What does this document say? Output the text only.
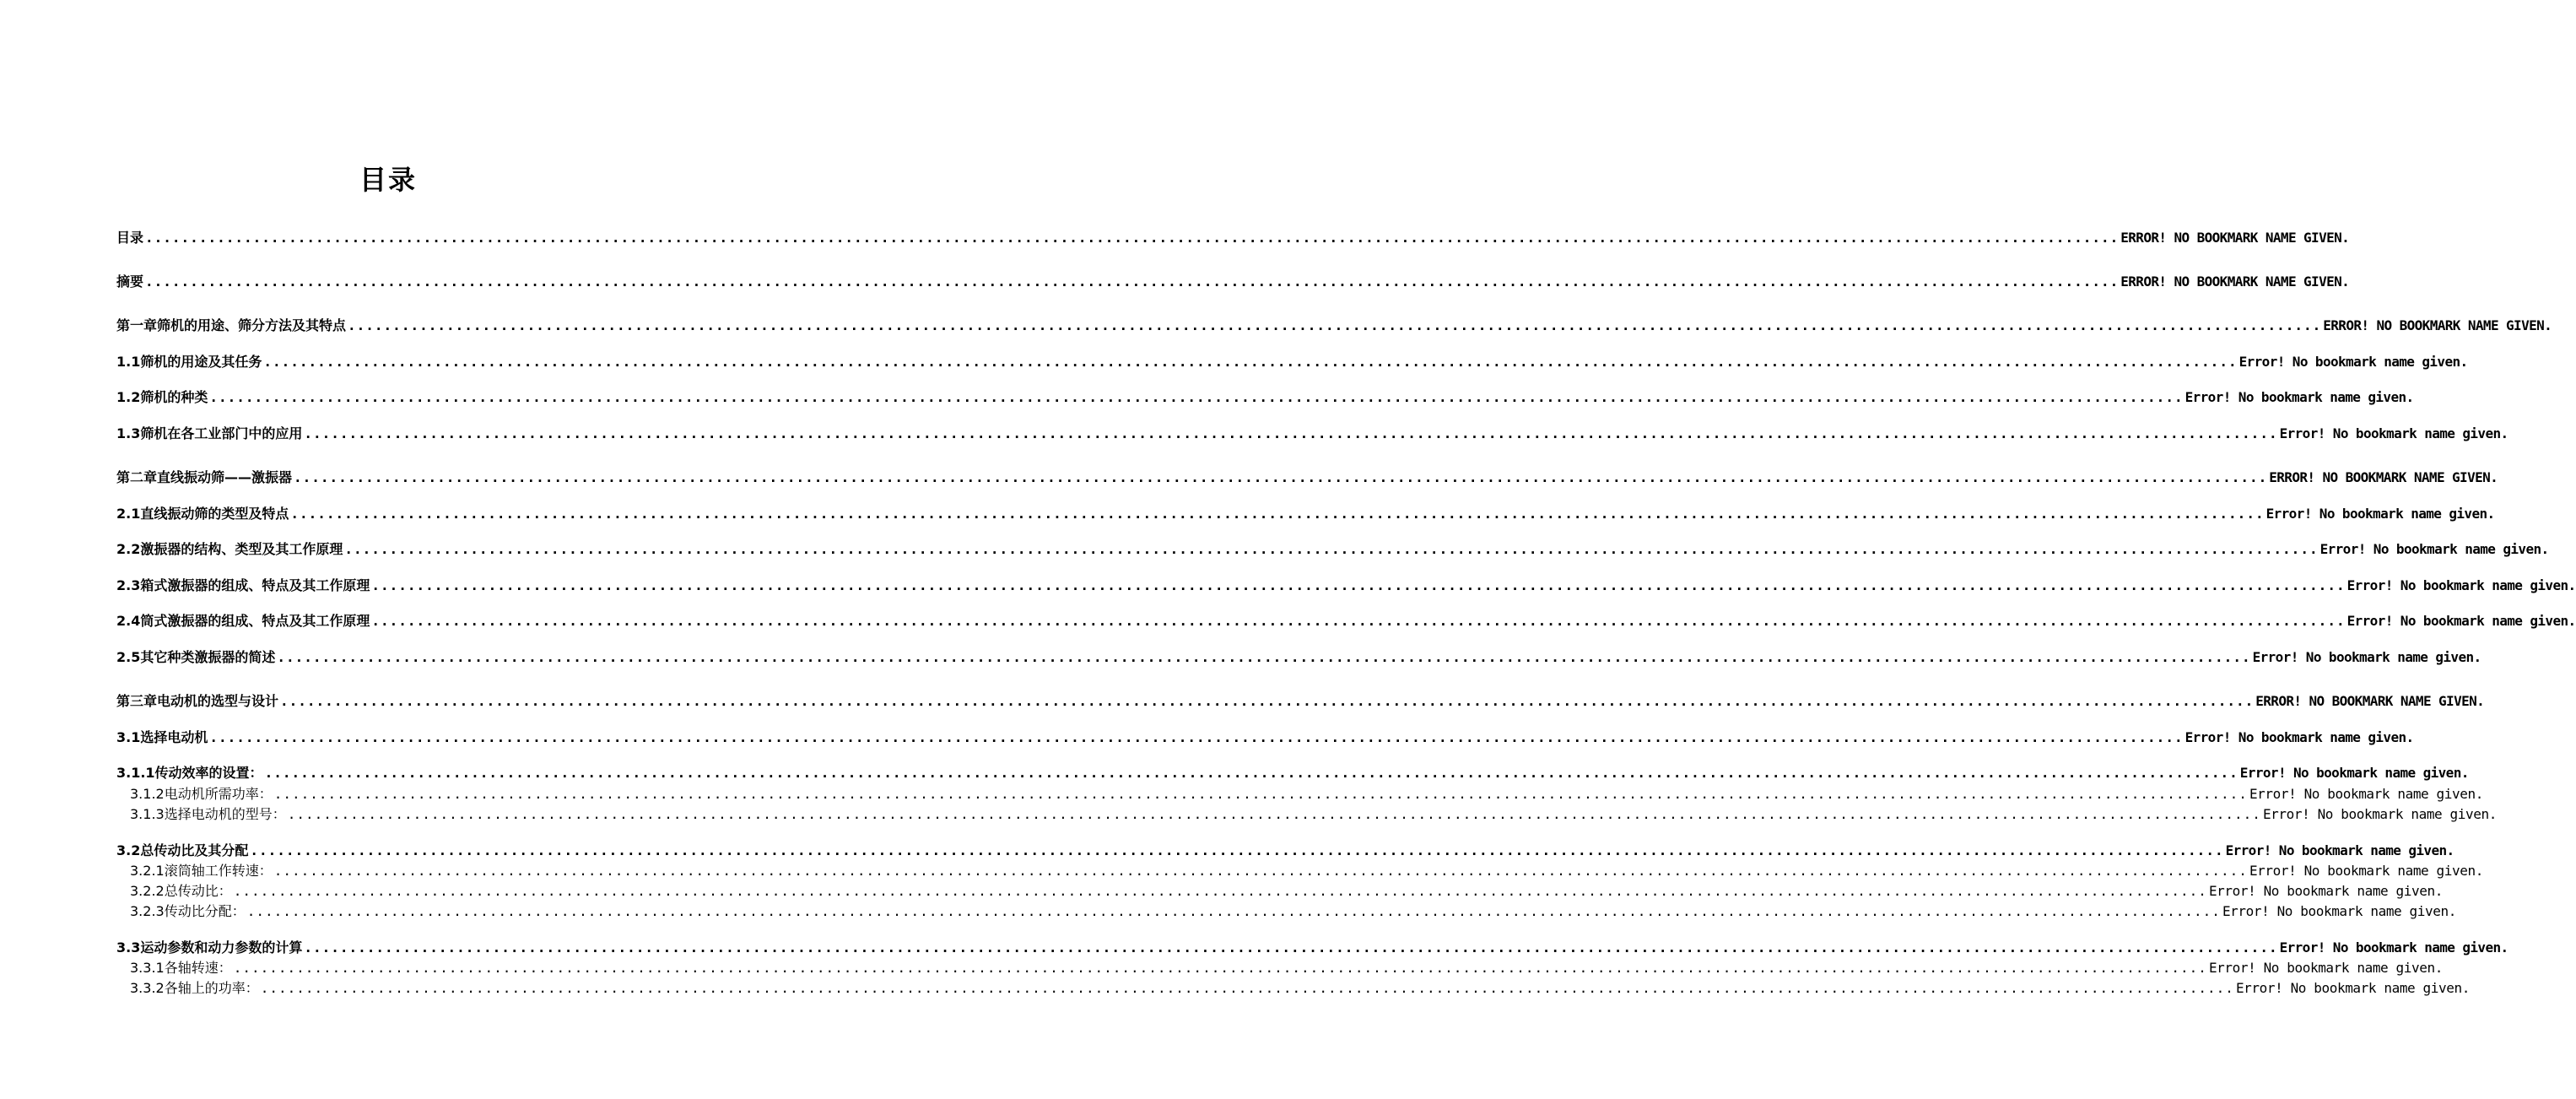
目录
目录 ............................................................................................................................................................................................................................ ERROR! NO BOOKMARK NAME GIVEN.
摘要 ............................................................................................................................................................................................................................ ERROR! NO BOOKMARK NAME GIVEN.
第一章筛机的用途、筛分方法及其特点 ............................................................................................................................................................................................................................ ERROR! NO BOOKMARK NAME GIVEN.
1.1筛机的用途及其任务 ............................................................................................................................................................................................................................ Error! No bookmark name given.
1.2筛机的种类 ............................................................................................................................................................................................................................ Error! No bookmark name given.
1.3筛机在各工业部门中的应用 ............................................................................................................................................................................................................................ Error! No bookmark name given.
第二章直线振动筛——激振器 ............................................................................................................................................................................................................................ ERROR! NO BOOKMARK NAME GIVEN.
2.1直线振动筛的类型及特点 ............................................................................................................................................................................................................................ Error! No bookmark name given.
2.2激振器的结构、类型及其工作原理 ............................................................................................................................................................................................................................ Error! No bookmark name given.
2.3箱式激振器的组成、特点及其工作原理 ............................................................................................................................................................................................................................ Error! No bookmark name given.
2.4筒式激振器的组成、特点及其工作原理 ............................................................................................................................................................................................................................ Error! No bookmark name given.
2.5其它种类激振器的简述 ............................................................................................................................................................................................................................ Error! No bookmark name given.
第三章电动机的选型与设计 ............................................................................................................................................................................................................................ ERROR! NO BOOKMARK NAME GIVEN.
3.1选择电动机 ............................................................................................................................................................................................................................ Error! No bookmark name given.
3.1.1传动效率的设置： ............................................................................................................................................................................................................................ Error! No bookmark name given.
3.1.2电动机所需功率： ............................................................................................................................................................................................................................ Error! No bookmark name given.
3.1.3选择电动机的型号： ............................................................................................................................................................................................................................ Error! No bookmark name given.
3.2总传动比及其分配 ............................................................................................................................................................................................................................ Error! No bookmark name given.
3.2.1滚筒轴工作转速： ............................................................................................................................................................................................................................ Error! No bookmark name given.
3.2.2总传动比： ............................................................................................................................................................................................................................ Error! No bookmark name given.
3.2.3传动比分配： ............................................................................................................................................................................................................................ Error! No bookmark name given.
3.3运动参数和动力参数的计算 ............................................................................................................................................................................................................................ Error! No bookmark name given.
3.3.1各轴转速： ............................................................................................................................................................................................................................ Error! No bookmark name given.
3.3.2各轴上的功率： ............................................................................................................................................................................................................................ Error! No bookmark name given.
